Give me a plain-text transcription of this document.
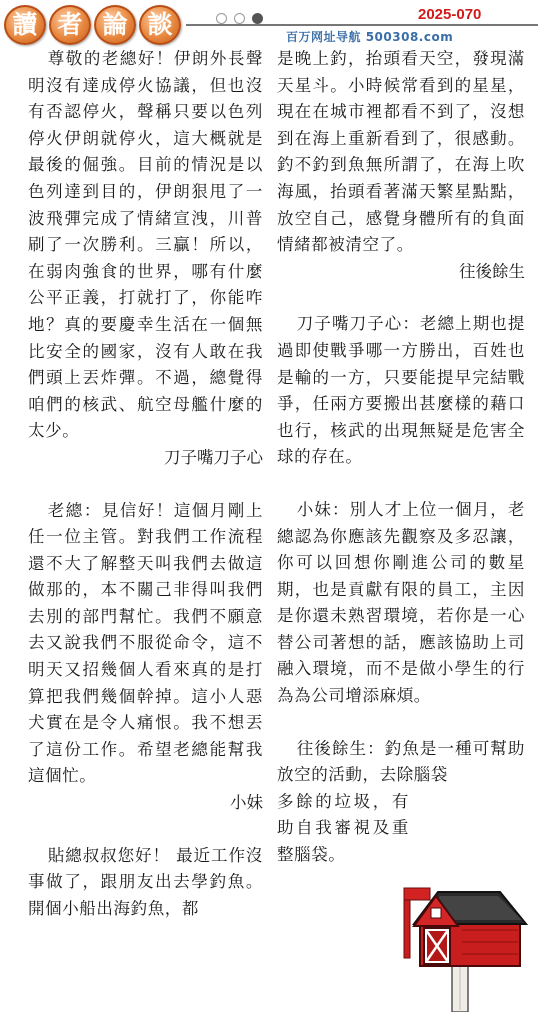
讀 者 論 談	2025-070
百万网址导航 500308.com

尊敬的老總好！伊朗外長聲明沒有達成停火協議，但也沒有否認停火，聲稱只要以色列停火伊朗就停火，這大概就是最後的倔強。目前的情況是以色列達到目的，伊朗狠甩了一波飛彈完成了情緒宣洩，川普刷了一次勝利。三贏！所以，在弱肉強食的世界，哪有什麼公平正義，打就打了，你能咋地？真的要慶幸生活在一個無比安全的國家，沒有人敢在我們頭上丟炸彈。不過，總覺得咱們的核武、航空母艦什麼的太少。

刀子嘴刀子心

老總：見信好！這個月剛上任一位主管。對我們工作流程還不大了解整天叫我們去做這做那的，本不關己非得叫我們去別的部門幫忙。我們不願意去又說我們不服從命令，這不明天又招幾個人看來真的是打算把我們幾個幹掉。這小人惡犬實在是令人痛恨。我不想丟了這份工作。希望老總能幫我這個忙。

小妹

貼總叔叔您好！ 最近工作沒事做了，跟朋友出去學釣魚。開個小船出海釣魚，都

是晚上釣，抬頭看天空，發現滿天星斗。小時候常看到的星星，現在在城市裡都看不到了，沒想到在海上重新看到了，很感動。釣不釣到魚無所謂了，在海上吹海風，抬頭看著滿天繁星點點，放空自己，感覺身體所有的負面情緒都被清空了。

往後餘生

刀子嘴刀子心：老總上期也提過即使戰爭哪一方勝出，百姓也是輸的一方，只要能提早完結戰爭，任兩方要搬出甚麼樣的藉口也行，核武的出現無疑是危害全球的存在。

小妹：別人才上位一個月，老總認為你應該先觀察及多忍讓，你可以回想你剛進公司的數星期，也是貢獻有限的員工，主因是你還未熟習環境，若你是一心替公司著想的話，應該協助上司融入環境，而不是做小學生的行為為公司增添麻煩。

往後餘生：釣魚是一種可幫助放空的活動，去除腦袋

多餘的垃圾，有助自我審視及重整腦袋。
